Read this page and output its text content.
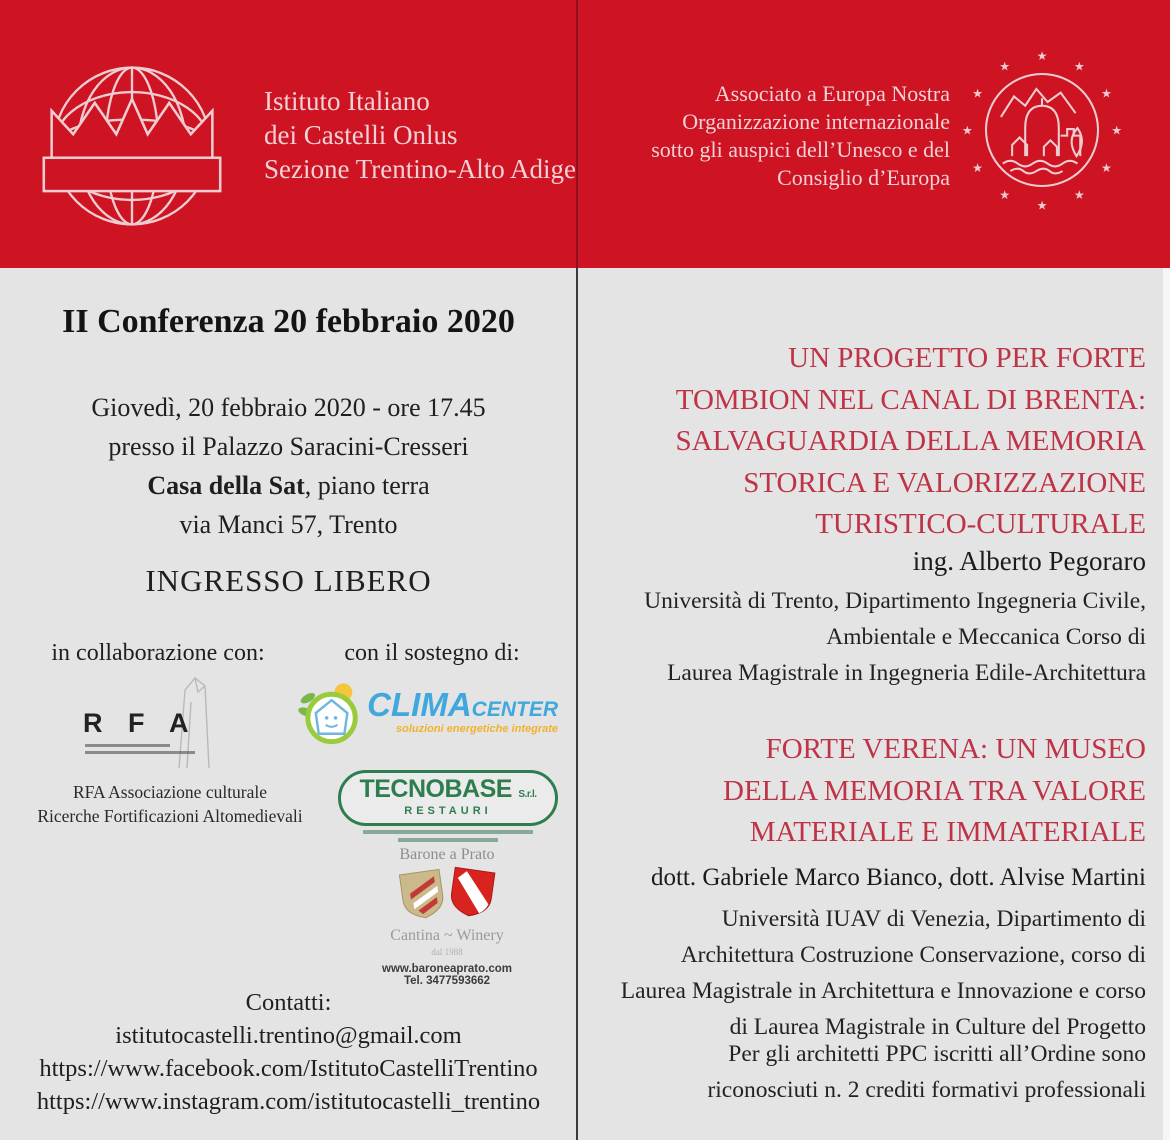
Istituto Italiano
dei Castelli Onlus
Sezione Trentino-Alto Adige
Associato a Europa Nostra
Organizzazione internazionale
sotto gli auspici dell’Unesco e del
Consiglio d’Europa
★
★
★
★
★
★
★
★
★
★
★
★
II Conferenza 20 febbraio 2020
Giovedì, 20 febbraio 2020 - ore 17.45
presso il Palazzo Saracini-Cresseri
Casa della Sat, piano terra
via Manci 57, Trento
INGRESSO LIBERO
in collaborazione con:	con il sostegno di:
R F A
RFA Associazione culturale
Ricerche Fortificazioni Altomedievali
CLIMACENTER
soluzioni energetiche integrate
TECNOBASE S.r.l.
RESTAURI
Barone a Prato
Cantina ~ Winery
dal 1988
www.baroneaprato.com
Tel. 3477593662
Contatti:
istitutocastelli.trentino@gmail.com
https://www.facebook.com/IstitutoCastelliTrentino
https://www.instagram.com/istitutocastelli_trentino
UN PROGETTO PER FORTE
TOMBION NEL CANAL DI BRENTA:
SALVAGUARDIA DELLA MEMORIA
STORICA E VALORIZZAZIONE
TURISTICO-CULTURALE
ing. Alberto Pegoraro
Università di Trento, Dipartimento Ingegneria Civile,
Ambientale e Meccanica Corso di
Laurea Magistrale in Ingegneria Edile-Architettura
FORTE VERENA: UN MUSEO
DELLA MEMORIA TRA VALORE
MATERIALE E IMMATERIALE
dott. Gabriele Marco Bianco, dott. Alvise Martini
Università IUAV di Venezia, Dipartimento di
Architettura Costruzione Conservazione, corso di
Laurea Magistrale in Architettura e Innovazione e corso
di Laurea Magistrale in Culture del Progetto
Per gli architetti PPC iscritti all’Ordine sono
riconosciuti n. 2 crediti formativi professionali
